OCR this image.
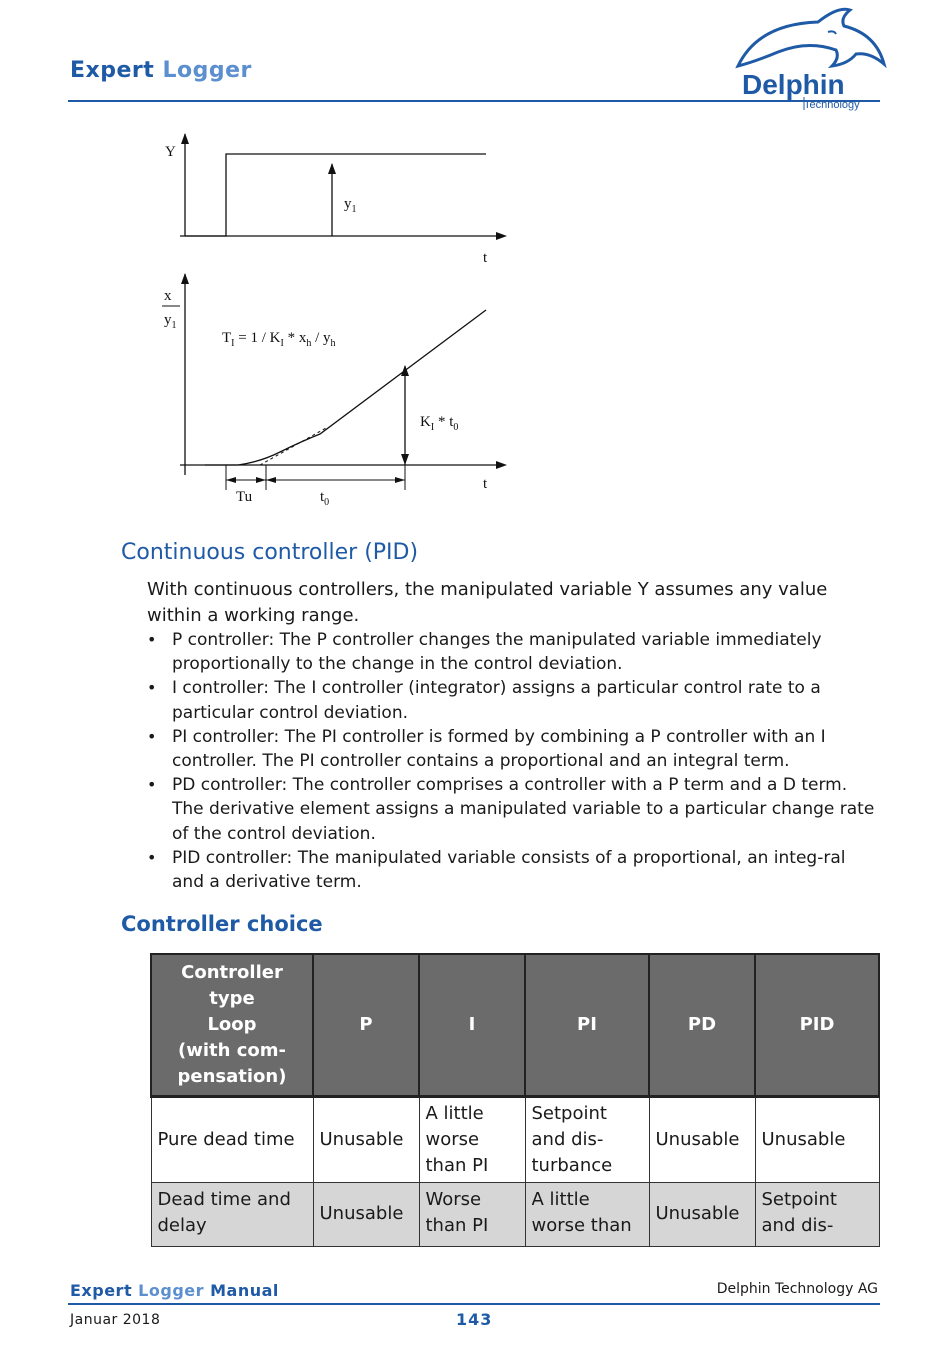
Expert Logger	Delphin
Technology
Y
$y_1$
t
x
$y_1$
$T_I = 1 / K_I * x_h / y_h$
$K_I * t_0$
t
Tu	$t_0$
Continuous controller (PID)
With continuous controllers, the manipulated variable Y assumes any value within a working range.
• P controller: The P controller changes the manipulated variable immediately proportionally to the change in the control deviation.
• I controller: The I controller (integrator) assigns a particular control rate to a particular control deviation.
• PI controller: The PI controller is formed by combining a P controller with an I controller. The PI controller contains a proportional and an integral term.
• PD controller: The controller comprises a controller with a P term and a D term. The derivative element assigns a manipulated variable to a particular change rate of the control deviation.
• PID controller: The manipulated variable consists of a proportional, an integ-ral and a derivative term.
Controller choice
Controller
type
Loop
(with com-
pensation)	P	I	PI	PD	PID
Pure dead time	Unusable	A little worse than PI	Setpoint and dis-turbance	Unusable	Unusable

Dead time and delay	Unusable	Worse than PI	A little worse than	Unusable	Setpoint and dis-
Expert Logger Manual	Delphin Technology AG
Januar 2018	143
